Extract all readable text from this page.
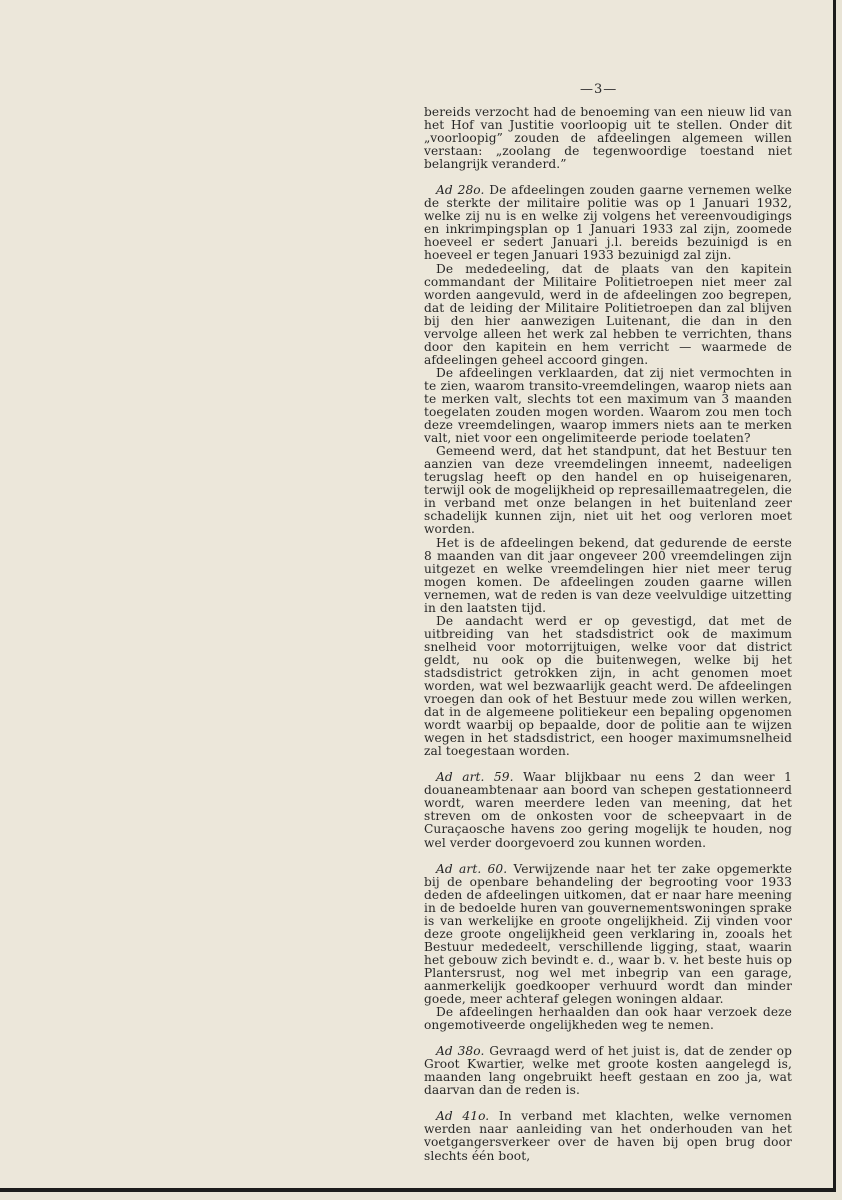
—3—

bereids verzocht had de benoeming van een nieuw lid van het Hof van Justitie voorloopig uit te stellen. Onder dit „voorloopig” zouden de afdeelingen algemeen willen verstaan: „zoolang de tegenwoordige toestand niet belangrijk veranderd.”

Ad 28o. De afdeelingen zouden gaarne vernemen welke de sterkte der militaire politie was op 1 Januari 1932, welke zij nu is en welke zij volgens het vereenvoudigings en inkrimpingsplan op 1 Januari 1933 zal zijn, zoomede hoeveel er sedert Januari j.l. bereids bezuinigd is en hoeveel er tegen Januari 1933 bezuinigd zal zijn.

De mededeeling, dat de plaats van den kapitein commandant der Militaire Politietroepen niet meer zal worden aangevuld, werd in de afdeelingen zoo begrepen, dat de leiding der Militaire Politietroepen dan zal blijven bij den hier aanwezigen Luitenant, die dan in den vervolge alleen het werk zal hebben te verrichten, thans door den kapitein en hem verricht — waarmede de afdeelingen geheel accoord gingen.

De afdeelingen verklaarden, dat zij niet vermochten in te zien, waarom transito-vreemdelingen, waarop niets aan te merken valt, slechts tot een maximum van 3 maanden toegelaten zouden mogen worden. Waarom zou men toch deze vreemdelingen, waarop immers niets aan te merken valt, niet voor een ongelimiteerde periode toelaten?

Gemeend werd, dat het standpunt, dat het Bestuur ten aanzien van deze vreemdelingen inneemt, nadeeligen terugslag heeft op den handel en op huiseigenaren, terwijl ook de mogelijkheid op represaillemaatregelen, die in verband met onze belangen in het buitenland zeer schadelijk kunnen zijn, niet uit het oog verloren moet worden.

Het is de afdeelingen bekend, dat gedurende de eerste 8 maanden van dit jaar ongeveer 200 vreemdelingen zijn uitgezet en welke vreemdelingen hier niet meer terug mogen komen. De afdeelingen zouden gaarne willen vernemen, wat de reden is van deze veelvuldige uitzetting in den laatsten tijd.

De aandacht werd er op gevestigd, dat met de uitbreiding van het stadsdistrict ook de maximum snelheid voor motorrijtuigen, welke voor dat district geldt, nu ook op die buitenwegen, welke bij het stadsdistrict getrokken zijn, in acht genomen moet worden, wat wel bezwaarlijk geacht werd. De afdeelingen vroegen dan ook of het Bestuur mede zou willen werken, dat in de algemeene politiekeur een bepaling opgenomen wordt waarbij op bepaalde, door de politie aan te wijzen wegen in het stadsdistrict, een hooger maximumsnelheid zal toegestaan worden.

Ad art. 59. Waar blijkbaar nu eens 2 dan weer 1 douaneambtenaar aan boord van schepen gestationneerd wordt, waren meerdere leden van meening, dat het streven om de onkosten voor de scheepvaart in de Curaçaosche havens zoo gering mogelijk te houden, nog wel verder doorgevoerd zou kunnen worden.

Ad art. 60. Verwijzende naar het ter zake opgemerkte bij de openbare behandeling der begrooting voor 1933 deden de afdeelingen uitkomen, dat er naar hare meening in de bedoelde huren van gouvernementswoningen sprake is van werkelijke en groote ongelijkheid. Zij vinden voor deze groote ongelijkheid geen verklaring in, zooals het Bestuur mededeelt, verschillende ligging, staat, waarin het gebouw zich bevindt e. d., waar b. v. het beste huis op Plantersrust, nog wel met inbegrip van een garage, aanmerkelijk goedkooper verhuurd wordt dan minder goede, meer achteraf gelegen woningen aldaar.

De afdeelingen herhaalden dan ook haar verzoek deze ongemotiveerde ongelijkheden weg te nemen.

Ad 38o. Gevraagd werd of het juist is, dat de zender op Groot Kwartier, welke met groote kosten aangelegd is, maanden lang ongebruikt heeft gestaan en zoo ja, wat daarvan dan de reden is.

Ad 41o. In verband met klachten, welke vernomen werden naar aanleiding van het onderhouden van het voetgangersverkeer over de haven bij open brug door slechts één boot,
